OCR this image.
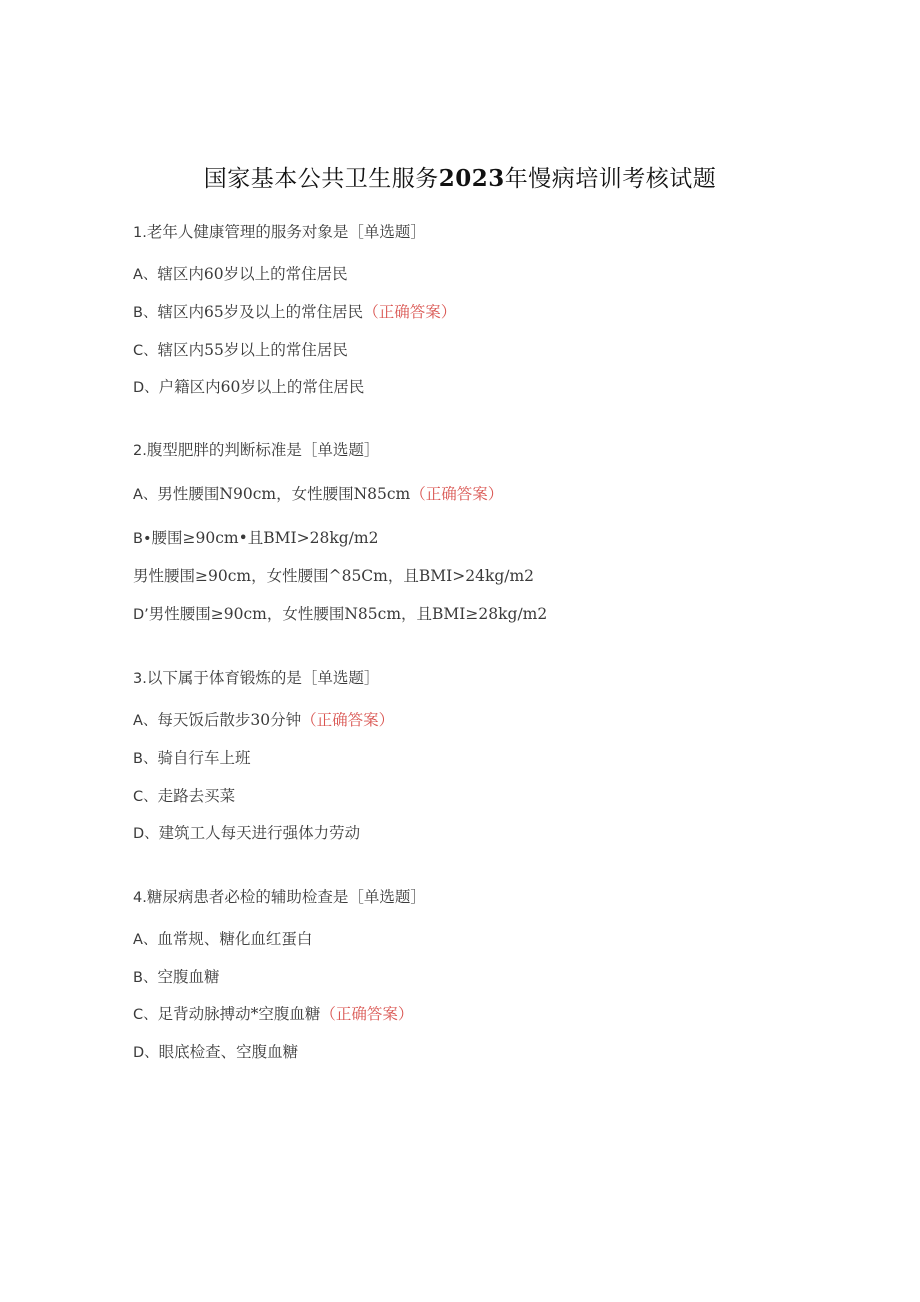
国家基本公共卫生服务2023年慢病培训考核试题
1.老年人健康管理的服务对象是［单选题］
A、辖区内60岁以上的常住居民
B、辖区内65岁及以上的常住居民（正确答案）
C、辖区内55岁以上的常住居民
D、户籍区内60岁以上的常住居民
2.腹型肥胖的判断标准是［单选题］
A、男性腰围N90cm，女性腰围N85cm（正确答案）
B•腰围≥90cm•且BMI>28kg∕m2
男性腰围≥90cm，女性腰围^85Cm，且BMI>24kg∕m2
D’男性腰围≥90cm，女性腰围N85cm，且BMI≥28kg∕m2
3.以下属于体育锻炼的是［单选题］
A、每天饭后散步30分钟（正确答案）
B、骑自行车上班
C、走路去买菜
D、建筑工人每天进行强体力劳动
4.糖尿病患者必检的辅助检查是［单选题］
A、血常规、糖化血红蛋白
B、空腹血糖
C、足背动脉搏动*空腹血糖（正确答案）
D、眼底检查、空腹血糖
